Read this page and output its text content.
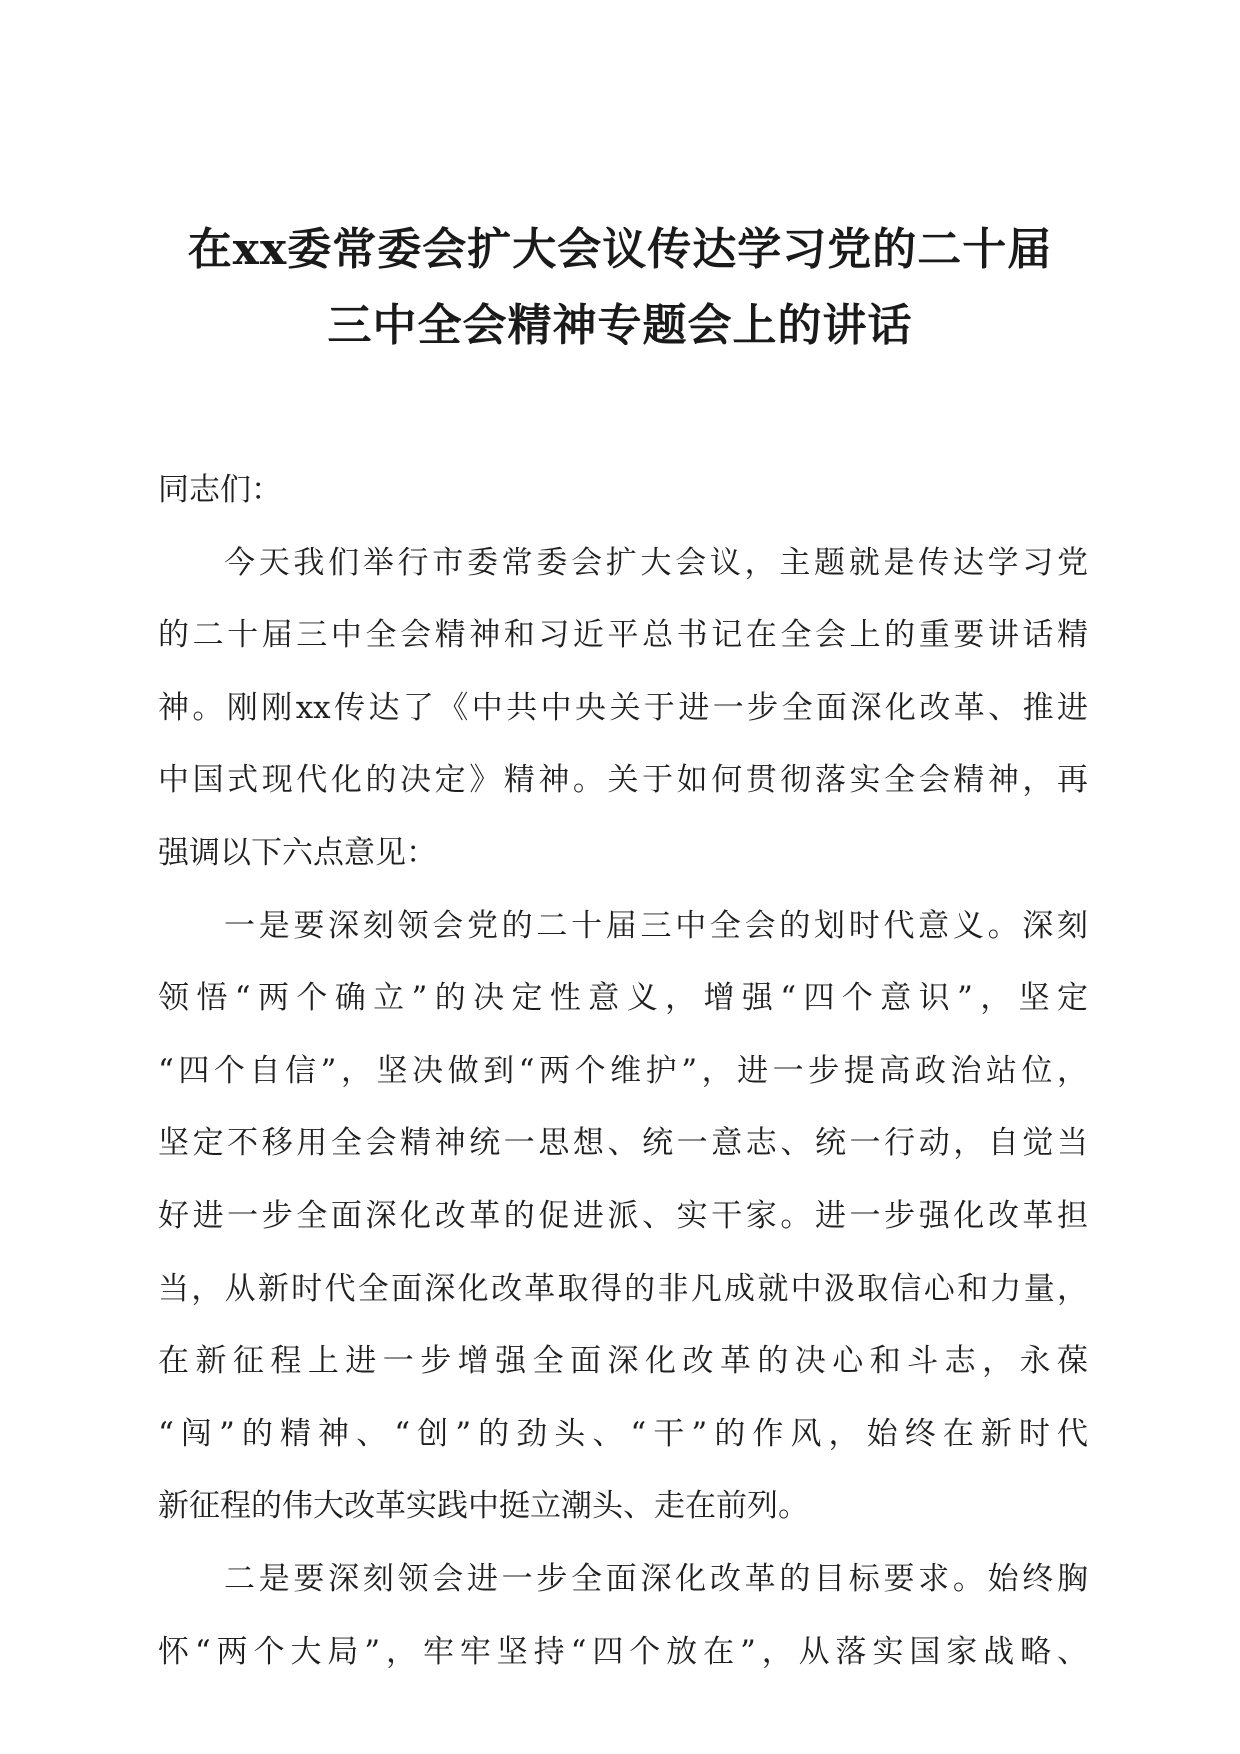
在xx委常委会扩大会议传达学习党的二十届
三中全会精神专题会上的讲话
同志们：
今天我们举行市委常委会扩大会议，主题就是传达学习党
的二十届三中全会精神和习近平总书记在全会上的重要讲话精
神。刚刚xx传达了《中共中央关于进一步全面深化改革、推进
中国式现代化的决定》精神。关于如何贯彻落实全会精神，再
强调以下六点意见：
一是要深刻领会党的二十届三中全会的划时代意义。深刻
领悟“两个确立”的决定性意义，增强“四个意识”，坚定
“四个自信”，坚决做到“两个维护”，进一步提高政治站位，
坚定不移用全会精神统一思想、统一意志、统一行动，自觉当
好进一步全面深化改革的促进派、实干家。进一步强化改革担
当，从新时代全面深化改革取得的非凡成就中汲取信心和力量，
在新征程上进一步增强全面深化改革的决心和斗志，永葆
“闯”的精神、“创”的劲头、“干”的作风，始终在新时代
新征程的伟大改革实践中挺立潮头、走在前列。
二是要深刻领会进一步全面深化改革的目标要求。始终胸
怀“两个大局”，牢牢坚持“四个放在”，从落实国家战略、
